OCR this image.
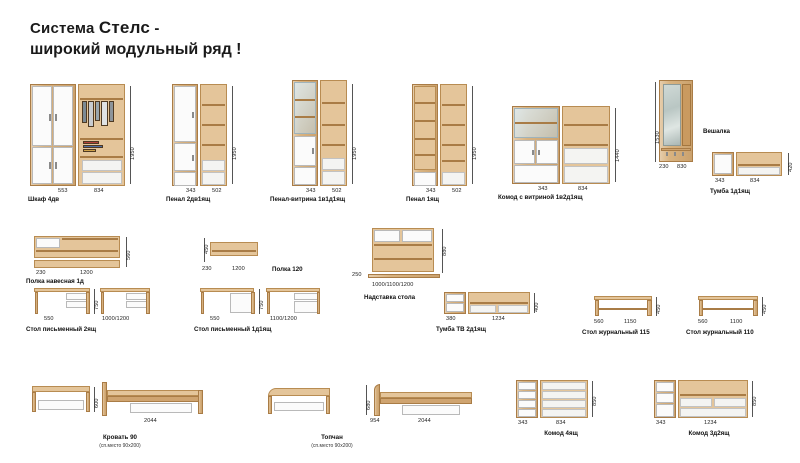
Система Стелс -
широкий модульный ряд !
1950
834
553
Шкаф 4дв
1950
343	502
Пенал 2дв1ящ
1950
343	502
Пенал-витрина 1в1д1ящ
1950
343	502
Пенал 1ящ
1440
343	834
Комод с витриной 1в2д1ящ
1530
230 830
Вешалка
420
343	834
Тумба 1д1ящ
560
230	1200
Полка навесная 1д
450
230	1200	Полка 120
880
250
1000/1100/1200
Надставка стола
750
550	1000/1200
Стол письменный 2ящ
750
550	1100/1200
Стол письменный 1д1ящ
400
380	1234
Тумба ТВ 2д1ящ
450
560	1150
Стол журнальный 115
450
560	1100
Стол журнальный 110
600
2044
Кровать 90
(сп.место 90х200)
680
954	2044
Топчан
(сп.место 90х200)
850
343	834
Комод 4ящ
850
343	1234
Комод 3д2ящ
